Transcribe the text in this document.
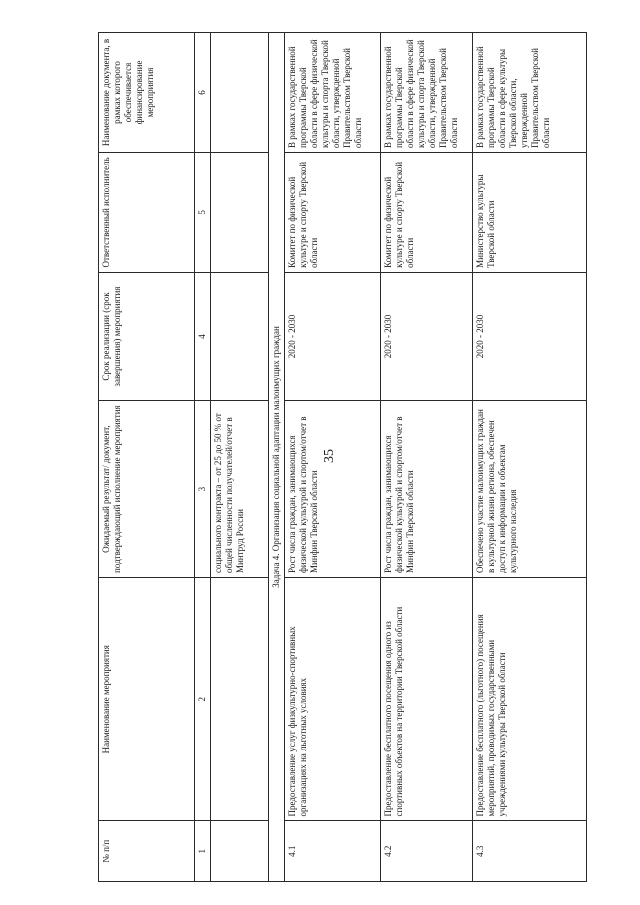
35
№ п/п	Наименование мероприятия	Ожидаемый результат/ документ, подтверждающий исполнение мероприятия	Срок реализации (срок завершения) мероприятия	Ответственный исполнитель	Наименование документа, в рамках которого обеспечивается финансирование мероприятия
1	2	3	4	5	6
		социального контракта – от 25 до 50 % от общей численности получателей/отчет в Минтруд России			
Задача 4. Организация социальной адаптации малоимущих граждан					
4.1	Предоставление услуг физкультурно-спортивных организациях на льготных условиях	Рост числа граждан, занимающихся физической культурой и спортом/отчет в Минфин Тверской области	2020 - 2030	Комитет по физической культуре и спорту Тверской области	В рамках государственной программы Тверской области в сфере физической культуры и спорта Тверской области, утвержденной Правительством Тверской области
4.2	Предоставление бесплатного посещения одного из спортивных объектов на территории Тверской области	Рост числа граждан, занимающихся физической культурой и спортом/отчет в Минфин Тверской области	2020 - 2030	Комитет по физической культуре и спорту Тверской области	В рамках государственной программы Тверской области в сфере физической культуры и спорта Тверской области, утвержденной Правительством Тверской области
4.3	Предоставление бесплатного (льготного) посещения мероприятий, проводимых государственными учреждениями культуры Тверской области	Обеспечено участие малоимущих граждан в культурной жизни региона, обеспечен доступ к информации и объектам культурного наследия	2020 - 2030	Министерство культуры Тверской области	В рамках государственной программы Тверской области в сфере культуры Тверской области, утвержденной Правительством Тверской области
